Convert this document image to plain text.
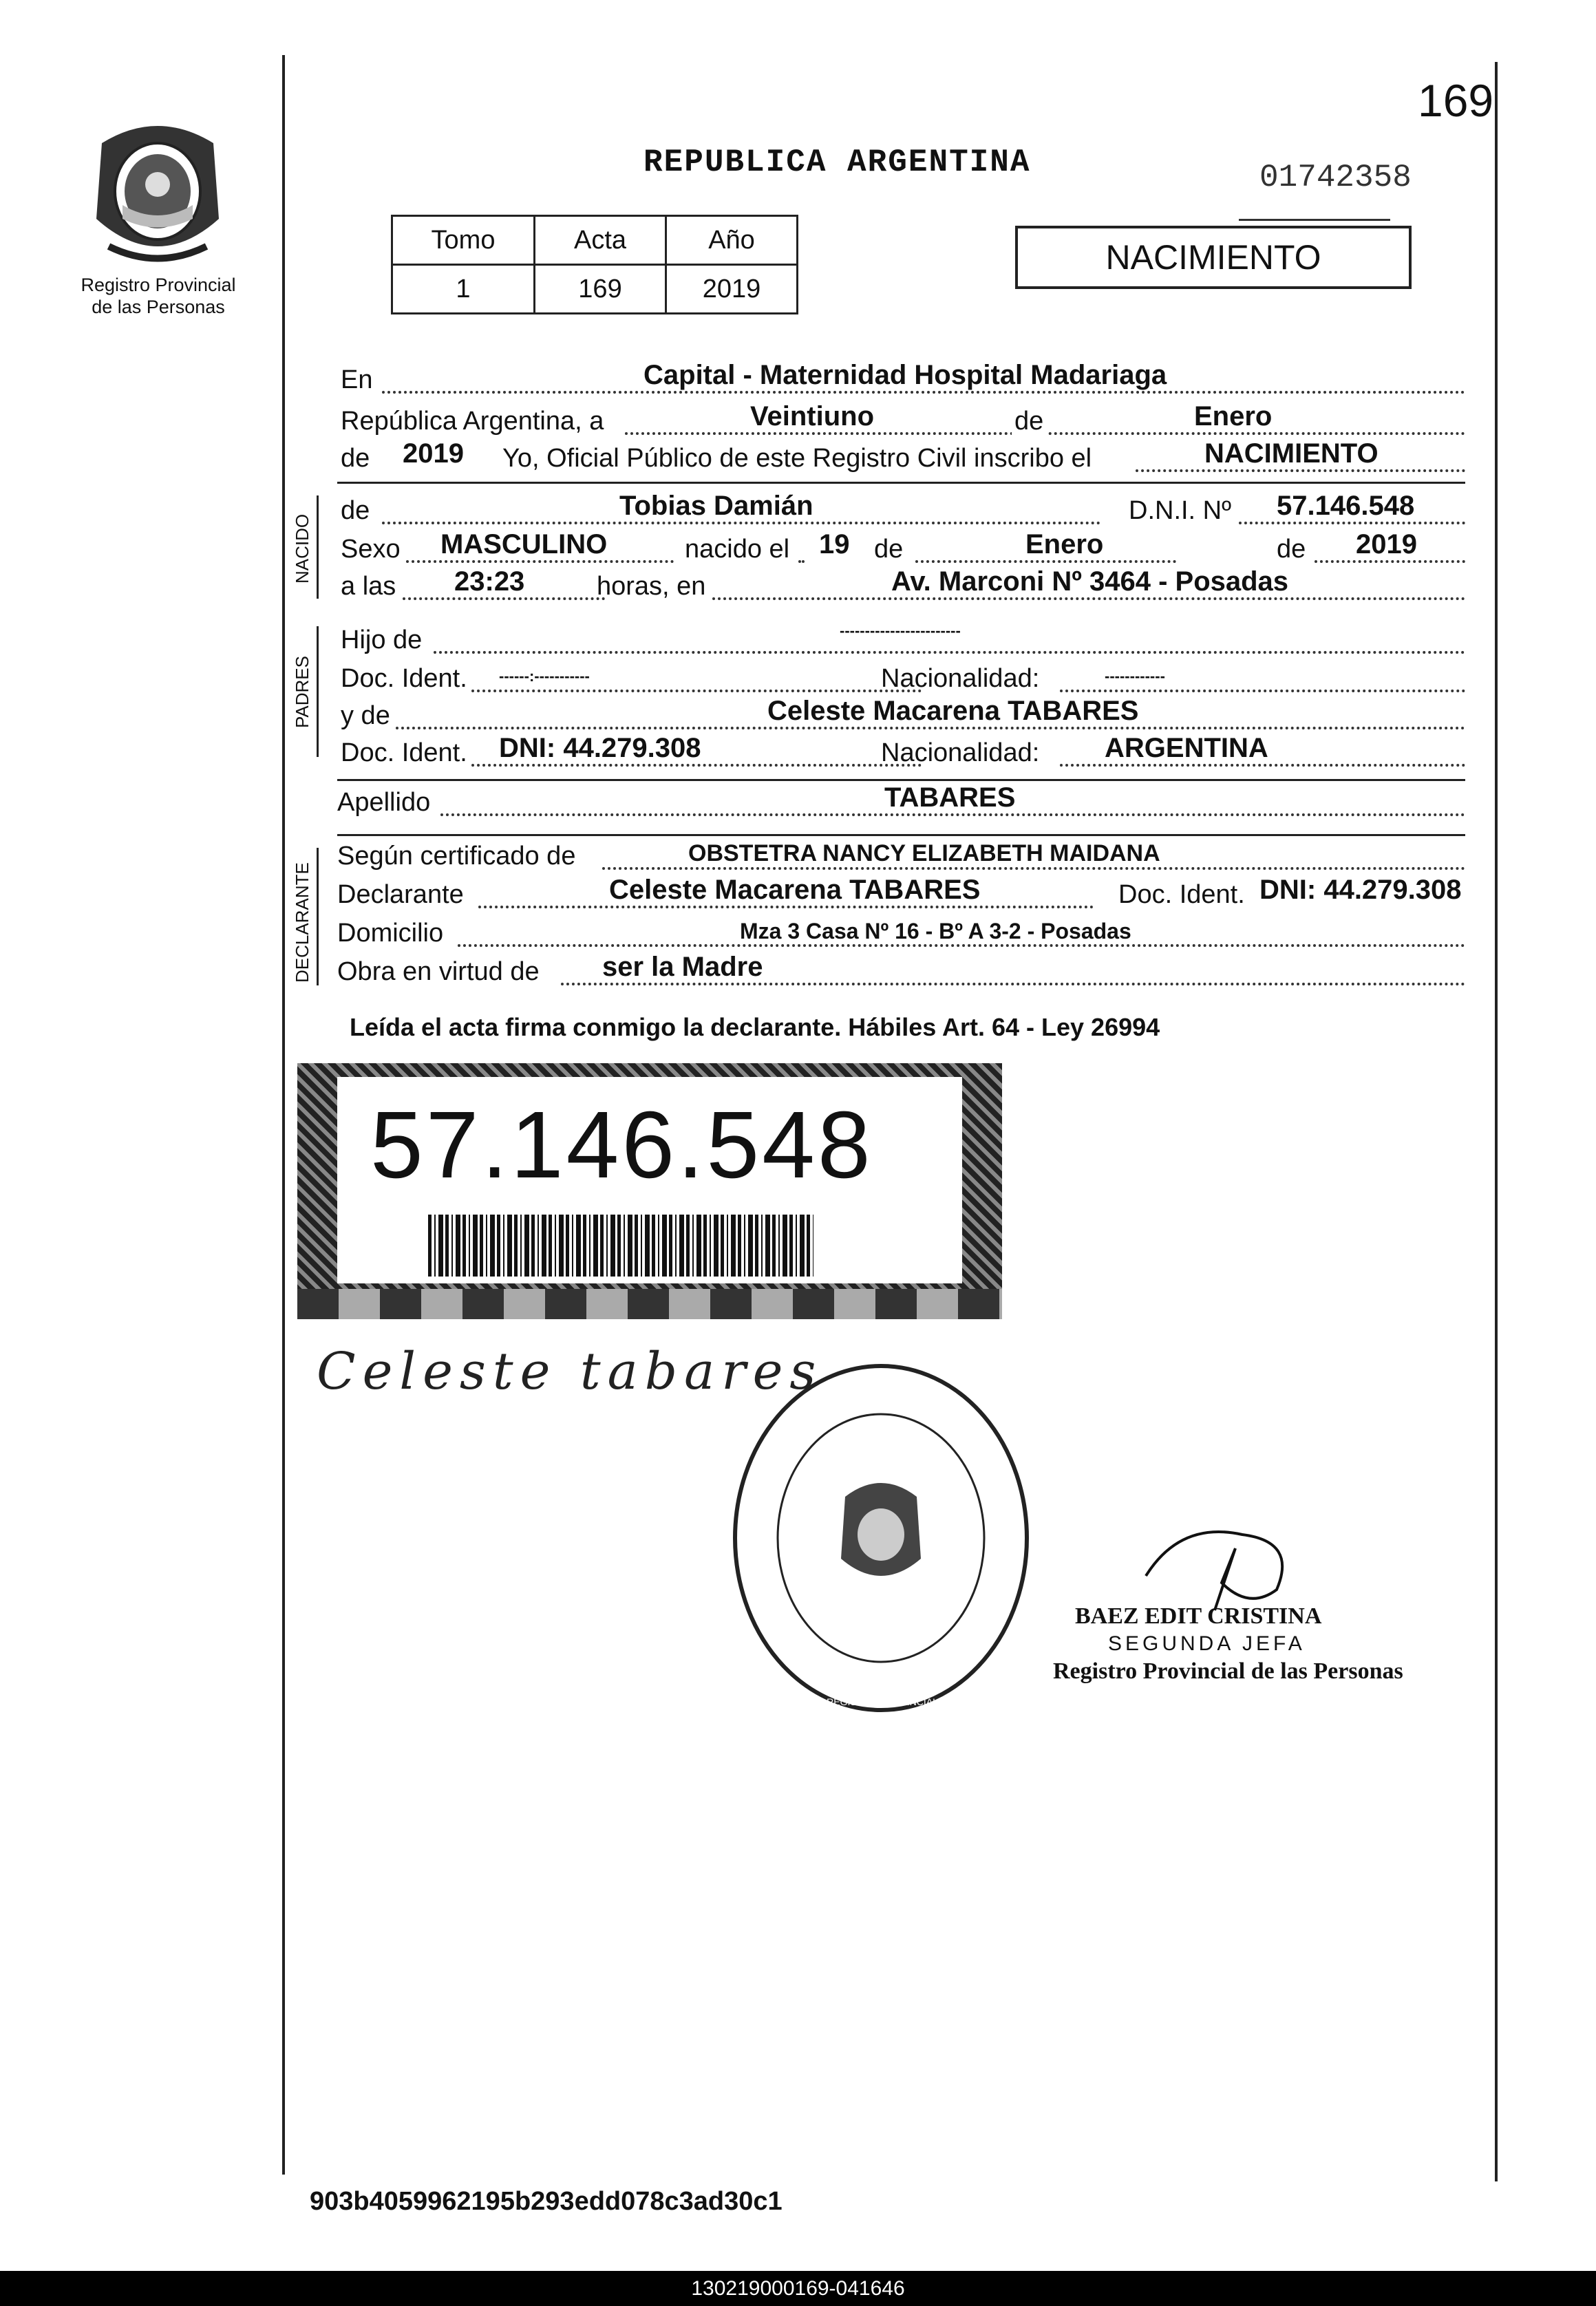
Registro Provincial
de las Personas
169
01742358
REPUBLICA ARGENTINA
Tomo	Acta	Año
1	169	2019
NACIMIENTO
NACIDO
PADRES
DECLARANTE
En	Capital - Maternidad Hospital Madariaga
República Argentina, a	Veintiuno	de	Enero
de 2019 Yo, Oficial Público de este Registro Civil inscribo el	NACIMIENTO
de	Tobias Damián	D.N.I. Nº 57.146.548
Sexo MASCULINO	nacido el 19 de	Enero	de 2019
a las 23:23	horas, en	Av. Marconi Nº 3464 - Posadas
Hijo de	------------------------
Doc. Ident. ------:-----------	Nacionalidad:	------------
y de	Celeste Macarena TABARES
Doc. Ident. DNI: 44.279.308	Nacionalidad: ARGENTINA
Apellido	TABARES
Según certificado de	OBSTETRA NANCY ELIZABETH MAIDANA
Declarante	Celeste Macarena TABARES	Doc. Ident. DNI: 44.279.308
Domicilio	Mza 3 Casa Nº 16 - Bº A 3-2 - Posadas
Obra en virtud de ser la Madre
Leída el acta firma conmigo la declarante. Hábiles Art. 64 - Ley 26994
57.146.548
Celeste tabares
DIRECC. GRAL. DEL REGISTRO PROVINCIAL DE LAS PERSONAS
BAEZ EDIT CRISTINA
SEGUNDA JEFA
Registro Provincial de las Personas
903b4059962195b293edd078c3ad30c1
130219000169-041646
